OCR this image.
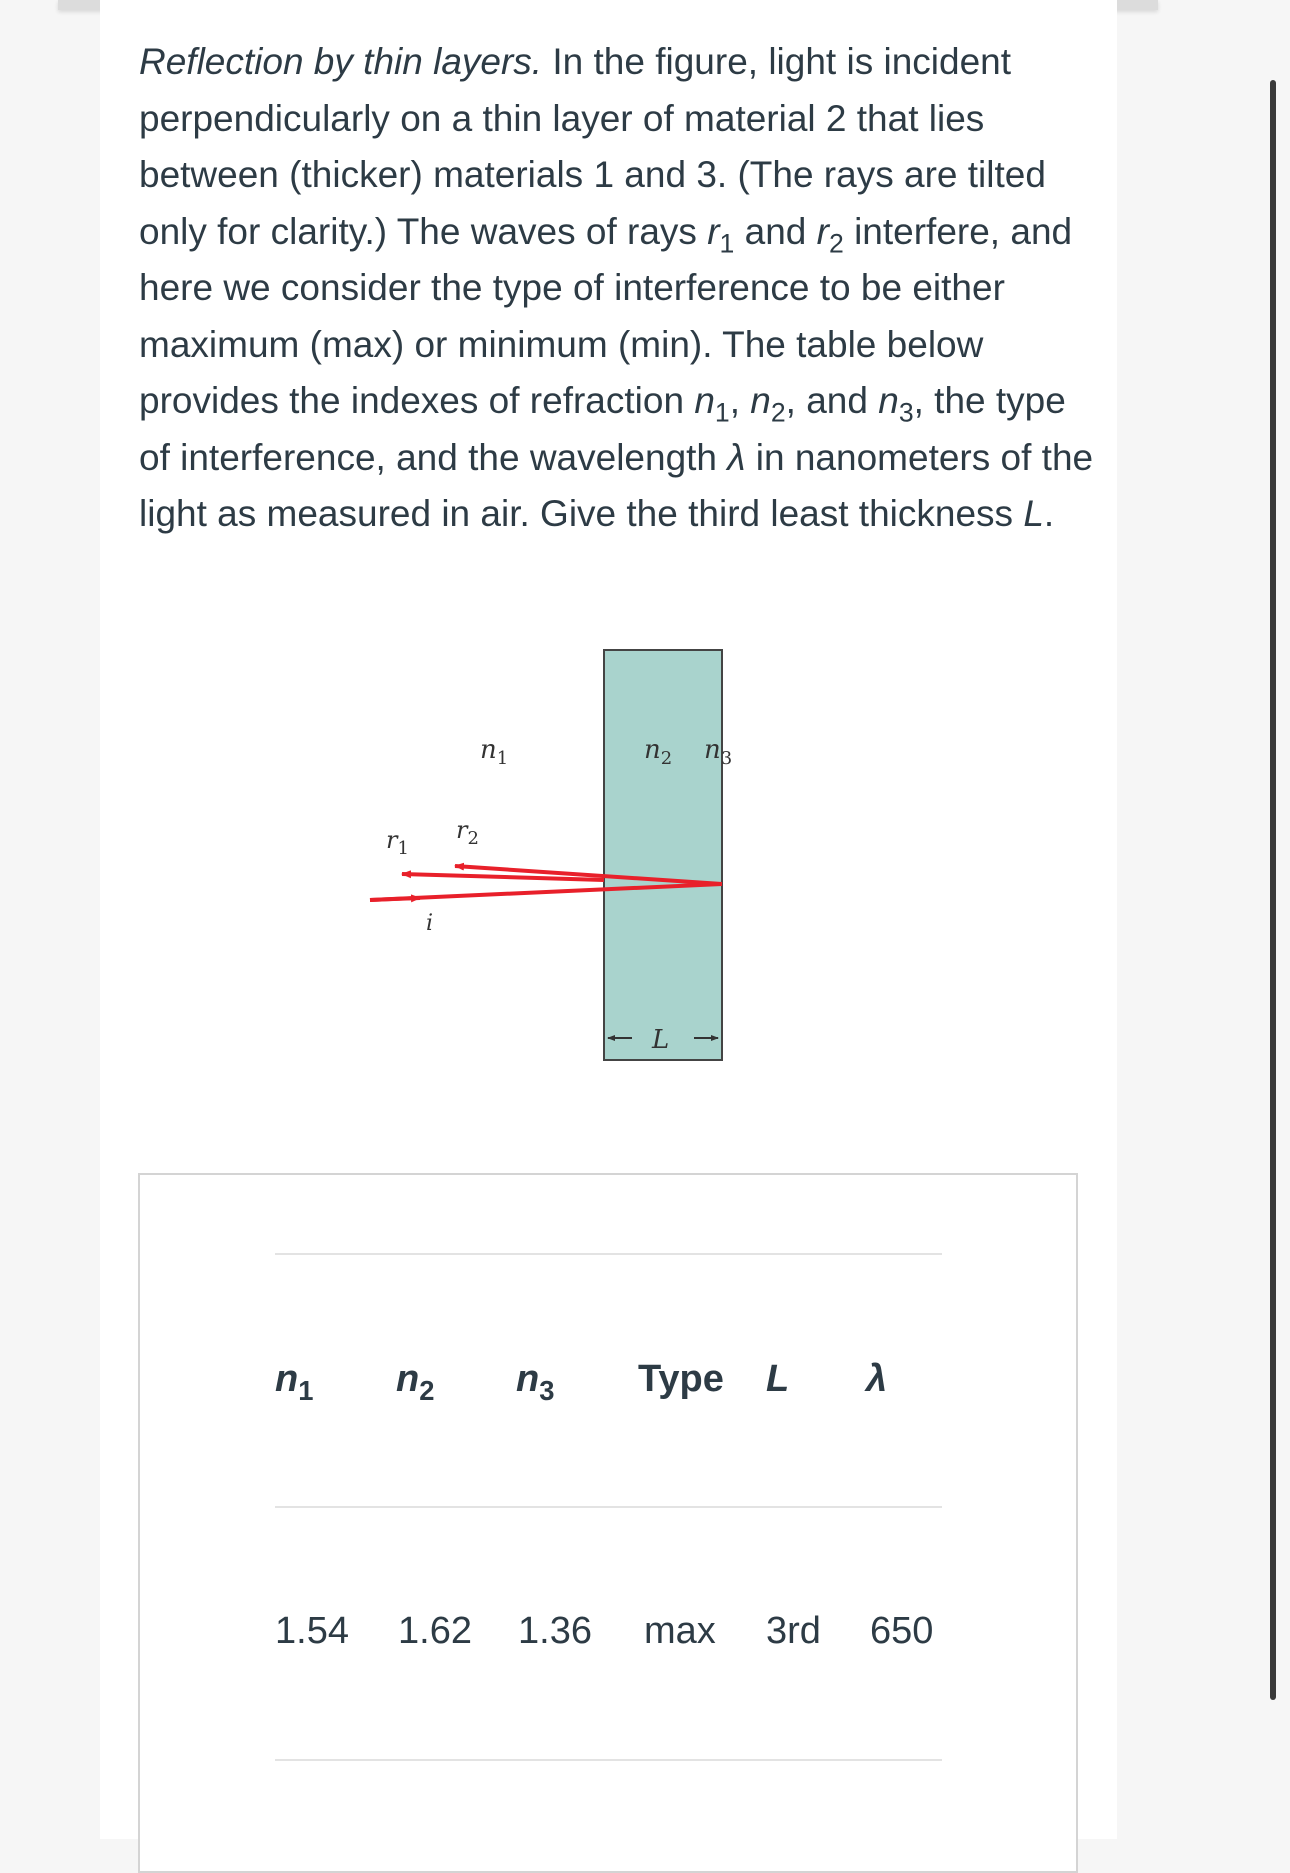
Reflection by thin layers. In the figure, light is incident perpendicularly on a thin layer of material 2 that lies between (thicker) materials 1 and 3. (The rays are tilted only for clarity.) The waves of rays $r_1$ and $r_2$ interfere, and here we consider the type of interference to be either maximum (max) or minimum (min). The table below provides the indexes of refraction $n_1$, $n_2$, and $n_3$, the type of interference, and the wavelength λ in nanometers of the light as measured in air. Give the third least thickness L.

$n_1$	$n_2$ $n_3$
$r_1$
$r_2$
i
L
$n_1$ $n_2$ $n_3$ Type L λ
1.54 1.62 1.36 max 3rd 650
